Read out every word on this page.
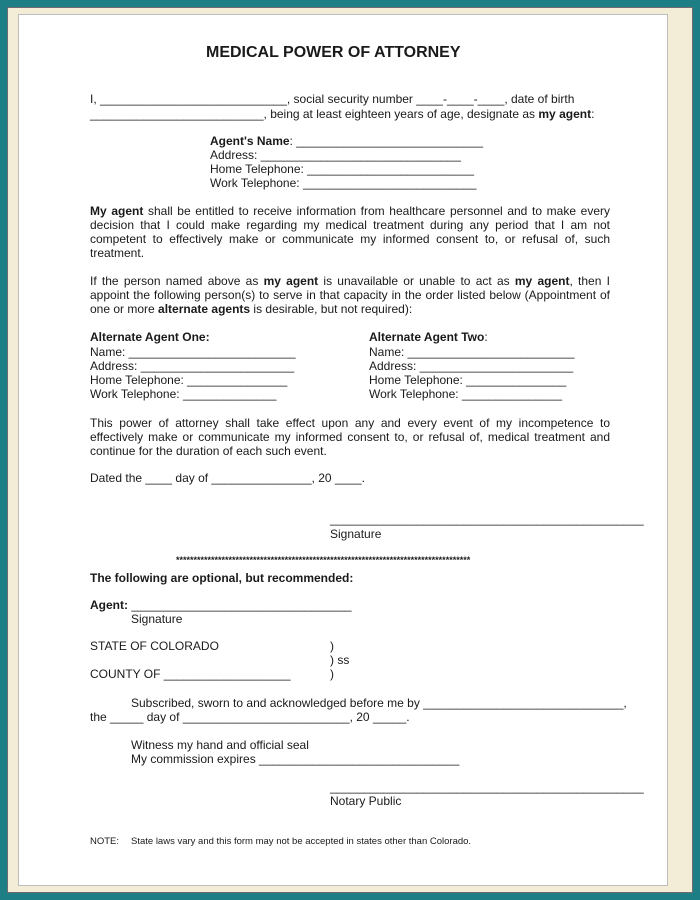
MEDICAL POWER OF ATTORNEY
I, ____________________________, social security number ____-____-____, date of birth
__________________________, being at least eighteen years of age, designate as my agent:
Agent's Name: ____________________________
Address: ______________________________
Home Telephone: _________________________
Work Telephone: __________________________
My agent shall be entitled to receive information from healthcare personnel and to make every decision that I could make regarding my medical treatment during any period that I am not competent to effectively make or communicate my informed consent to, or refusal of, such treatment.
If the person named above as my agent is unavailable or unable to act as my agent, then I appoint the following person(s) to serve in that capacity in the order listed below (Appointment of one or more alternate agents is desirable, but not required):
Alternate Agent One:
Name: _________________________
Address: _______________________
Home Telephone: _______________
Work Telephone: ______________
Alternate Agent Two:
Name: _________________________
Address: _______________________
Home Telephone: _______________
Work Telephone: _______________
This power of attorney shall take effect upon any and every event of my incompetence to effectively make or communicate my informed consent to, or refusal of, medical treatment and continue for the duration of each such event.
Dated the ____ day of _______________, 20 ____.
_______________________________________________
Signature
************************************************************************************
The following are optional, but recommended:
Agent: _________________________________
Signature
STATE OF COLORADO	)
) ss
COUNTY OF ___________________	)
Subscribed, sworn to and acknowledged before me by ______________________________,
the _____ day of _________________________, 20 _____.
Witness my hand and official seal
My commission expires ______________________________
_______________________________________________
Notary Public
NOTE: State laws vary and this form may not be accepted in states other than Colorado.
